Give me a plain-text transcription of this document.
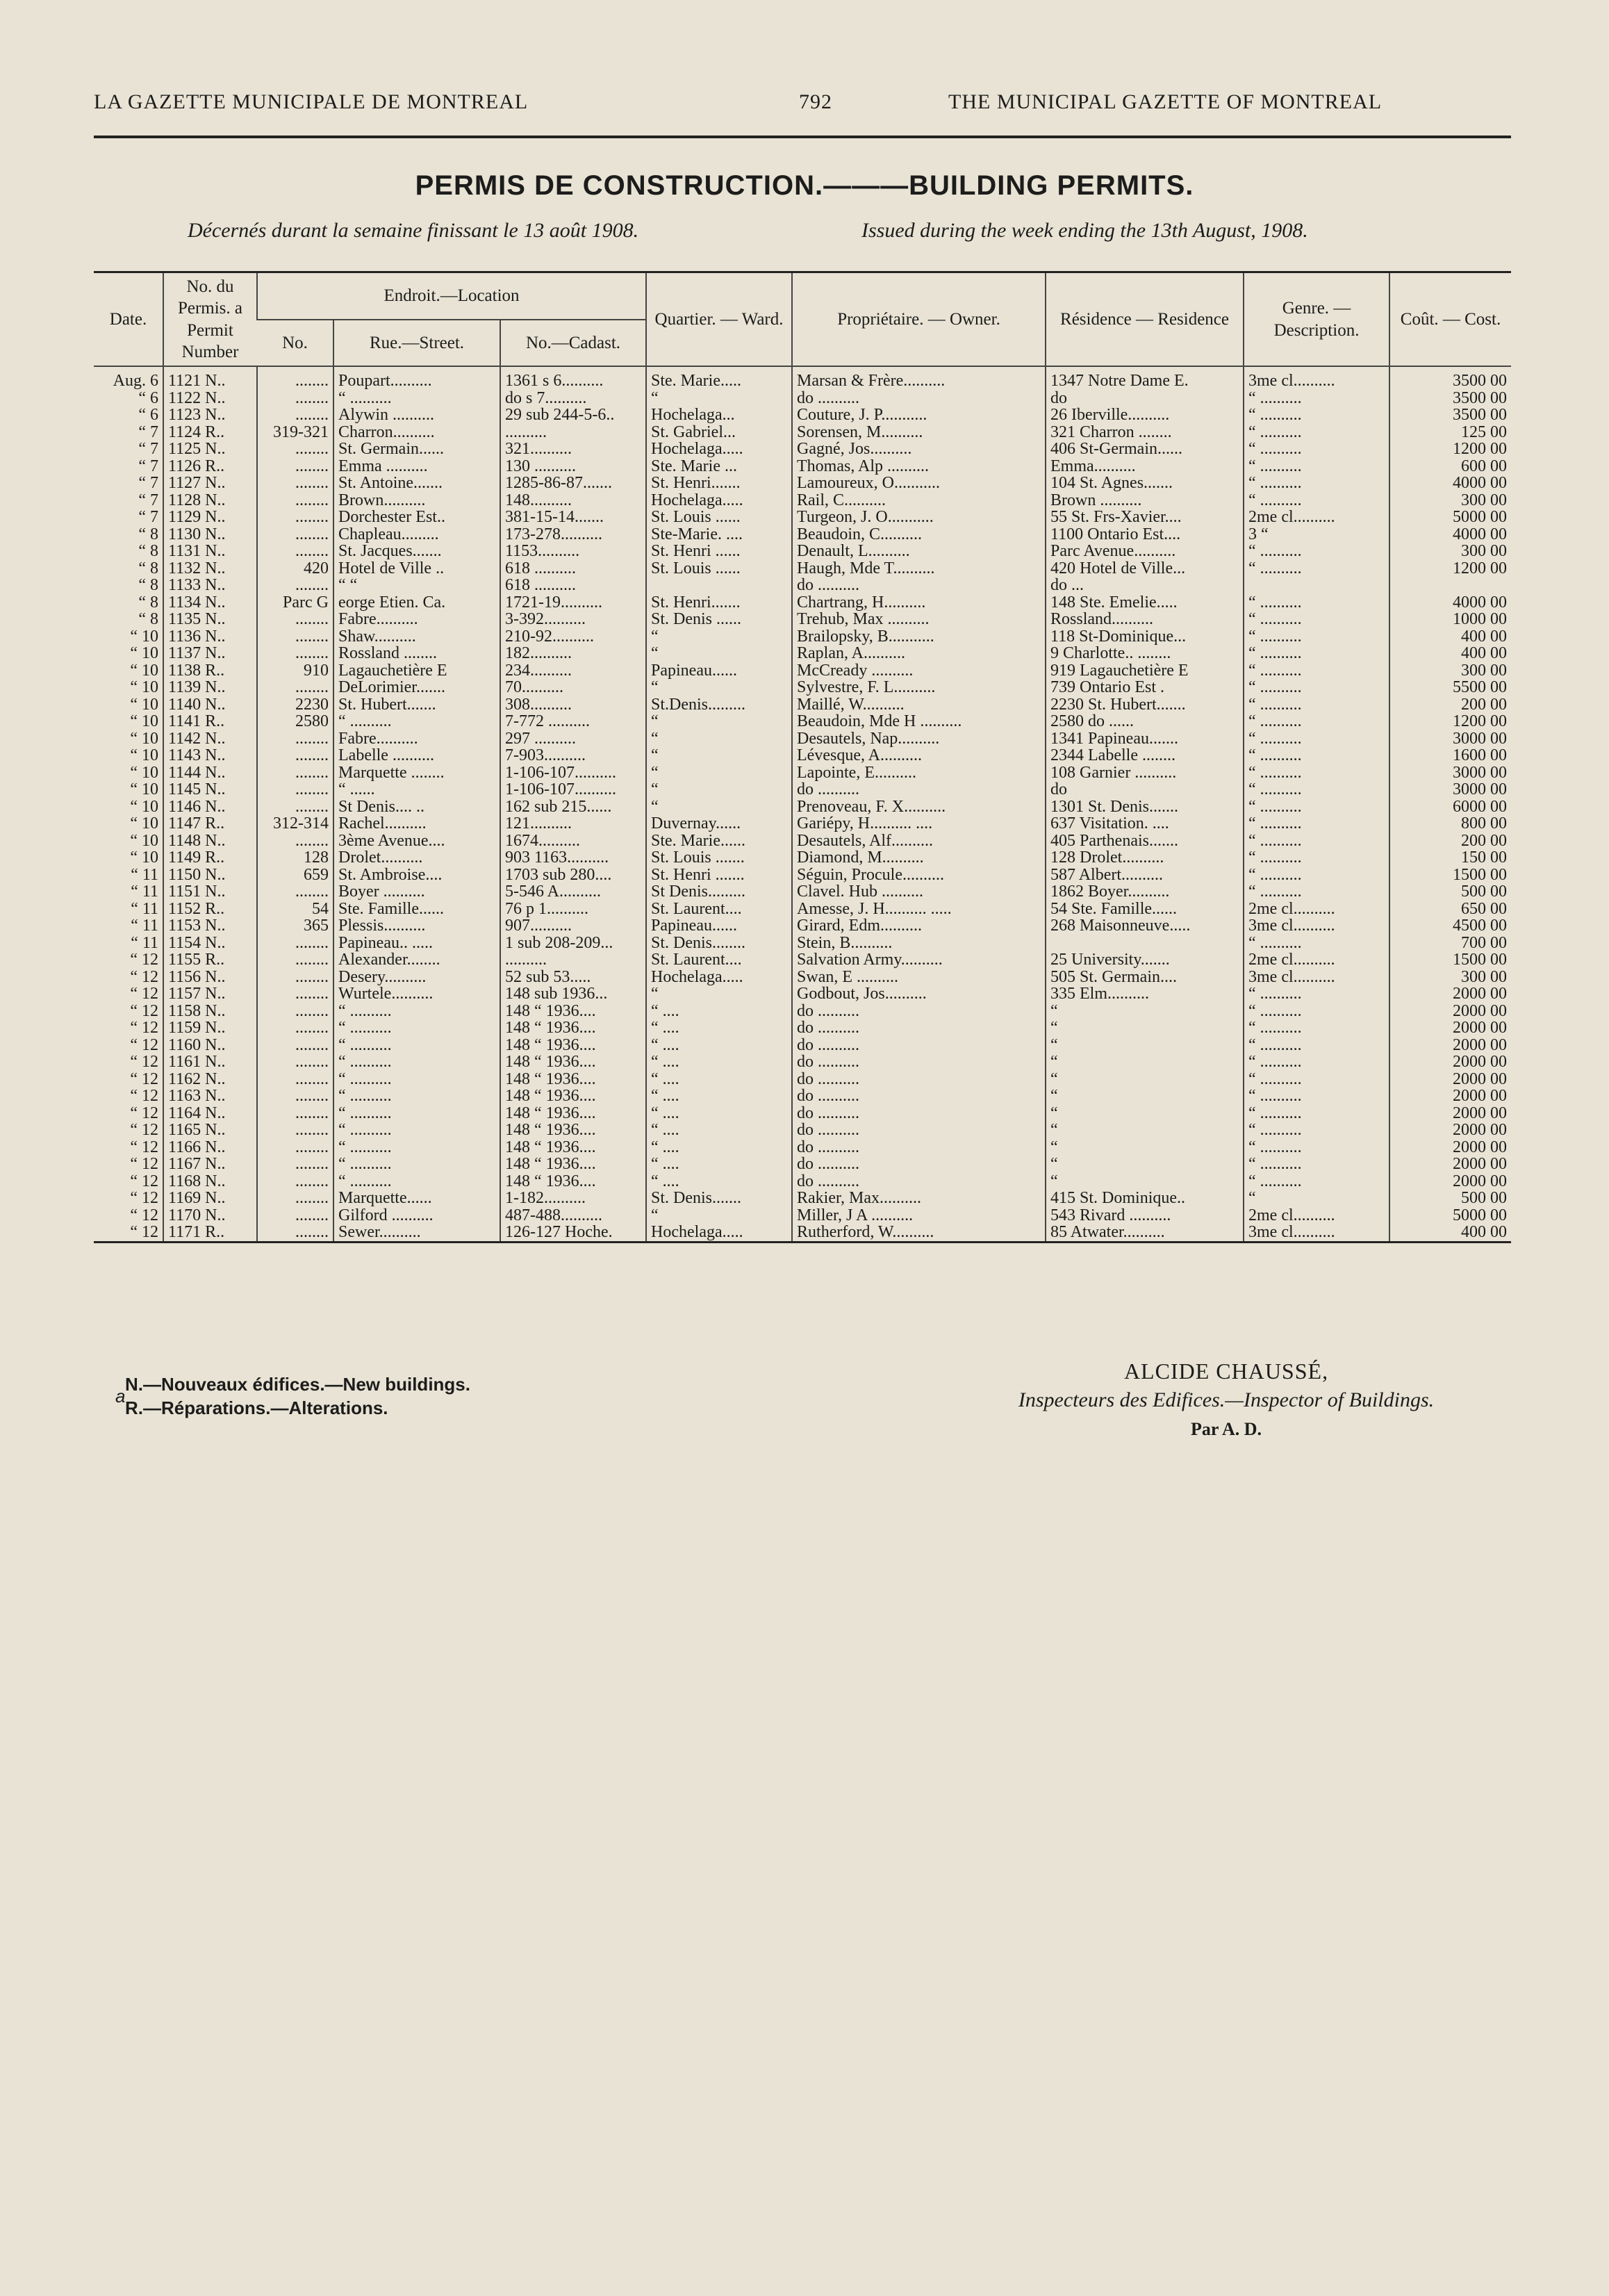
LA GAZETTE MUNICIPALE DE MONTREAL	792	THE MUNICIPAL GAZETTE OF MONTREAL
PERMIS DE CONSTRUCTION.———BUILDING PERMITS.
Décernés durant la semaine finissant le 13 août 1908.	Issued during the week ending the 13th August, 1908.
Date.	No. du Permis. a Permit Number	Endroit.—Location			Quartier. — Ward.	Propriétaire. — Owner.	Résidence — Residence	Genre. — Description.	Coût. — Cost.
		No.	Rue.—Street.	No.—Cadast.					
Aug. 6	1121 N..	........	Poupart..........	1361 s 6..........	Ste. Marie.....	Marsan & Frère..........	1347 Notre Dame E.	3me cl..........	3500 00
“ 6	1122 N..	........	“ ..........	do s 7..........	“	do ..........	do	“ ..........	3500 00
“ 6	1123 N..	........	Alywin ..........	29 sub 244-5-6..	Hochelaga...	Couture, J. P...........	26 Iberville..........	“ ..........	3500 00
“ 7	1124 R..	319-321	Charron..........	..........	St. Gabriel...	Sorensen, M..........	321 Charron ........	“ ..........	125 00
“ 7	1125 N..	........	St. Germain......	321..........	Hochelaga.....	Gagné, Jos..........	406 St-Germain......	“ ..........	1200 00
“ 7	1126 R..	........	Emma ..........	130 ..........	Ste. Marie ...	Thomas, Alp ..........	Emma..........	“ ..........	600 00
“ 7	1127 N..	........	St. Antoine.......	1285-86-87.......	St. Henri.......	Lamoureux, O...........	104 St. Agnes.......	“ ..........	4000 00
“ 7	1128 N..	........	Brown..........	148..........	Hochelaga.....	Rail, C..........	Brown ..........	“ ..........	300 00
“ 7	1129 N..	........	Dorchester Est..	381-15-14.......	St. Louis ......	Turgeon, J. O...........	55 St. Frs-Xavier....	2me cl..........	5000 00
“ 8	1130 N..	........	Chapleau.........	173-278..........	Ste-Marie. ....	Beaudoin, C..........	1100 Ontario Est....	3 “	4000 00
“ 8	1131 N..	........	St. Jacques.......	1153..........	St. Henri ......	Denault, L..........	Parc Avenue..........	“ ..........	300 00
“ 8	1132 N..	420	Hotel de Ville ..	618 ..........	St. Louis ......	Haugh, Mde T..........	420 Hotel de Ville...	“ ..........	1200 00
“ 8	1133 N..	........	“ “	618 ..........		do ..........	do ...		
“ 8	1134 N..	Parc G	eorge Etien. Ca.	1721-19..........	St. Henri.......	Chartrang, H..........	148 Ste. Emelie.....	“ ..........	4000 00
“ 8	1135 N..	........	Fabre..........	3-392..........	St. Denis ......	Trehub, Max ..........	Rossland..........	“ ..........	1000 00
“ 10	1136 N..	........	Shaw..........	210-92..........	“	Brailopsky, B...........	118 St-Dominique...	“ ..........	400 00
“ 10	1137 N..	........	Rossland ........	182..........	“	Raplan, A..........	9 Charlotte.. ........	“ ..........	400 00
“ 10	1138 R..	910	Lagauchetière E	234..........	Papineau......	McCready ..........	919 Lagauchetière E	“ ..........	300 00
“ 10	1139 N..	........	DeLorimier.......	70..........	“	Sylvestre, F. L..........	739 Ontario Est .	“ ..........	5500 00
“ 10	1140 N..	2230	St. Hubert.......	308..........	St.Denis.........	Maillé, W..........	2230 St. Hubert.......	“ ..........	200 00
“ 10	1141 R..	2580	“ ..........	7-772 ..........	“	Beaudoin, Mde H ..........	2580 do ......	“ ..........	1200 00
“ 10	1142 N..	........	Fabre..........	297 ..........	“	Desautels, Nap..........	1341 Papineau.......	“ ..........	3000 00
“ 10	1143 N..	........	Labelle ..........	7-903..........	“	Lévesque, A..........	2344 Labelle ........	“ ..........	1600 00
“ 10	1144 N..	........	Marquette ........	1-106-107..........	“	Lapointe, E..........	108 Garnier ..........	“ ..........	3000 00
“ 10	1145 N..	........	“ ......	1-106-107..........	“	do ..........	do	“ ..........	3000 00
“ 10	1146 N..	........	St Denis.... ..	162 sub 215......	“	Prenoveau, F. X..........	1301 St. Denis.......	“ ..........	6000 00
“ 10	1147 R..	312-314	Rachel..........	121..........	Duvernay......	Gariépy, H.......... ....	637 Visitation. ....	“ ..........	800 00
“ 10	1148 N..	........	3ème Avenue....	1674..........	Ste. Marie......	Desautels, Alf..........	405 Parthenais.......	“ ..........	200 00
“ 10	1149 R..	128	Drolet..........	903 1163..........	St. Louis .......	Diamond, M..........	128 Drolet..........	“ ..........	150 00
“ 11	1150 N..	659	St. Ambroise....	1703 sub 280....	St. Henri .......	Séguin, Procule..........	587 Albert..........	“ ..........	1500 00
“ 11	1151 N..	........	Boyer ..........	5-546 A..........	St Denis.........	Clavel. Hub ..........	1862 Boyer..........	“ ..........	500 00
“ 11	1152 R..	54	Ste. Famille......	76 p 1..........	St. Laurent....	Amesse, J. H.......... .....	54 Ste. Famille......	2me cl..........	650 00
“ 11	1153 N..	365	Plessis..........	907..........	Papineau......	Girard, Edm..........	268 Maisonneuve.....	3me cl..........	4500 00
“ 11	1154 N..	........	Papineau.. .....	1 sub 208-209...	St. Denis........	Stein, B..........		“ ..........	700 00
“ 12	1155 R..	........	Alexander........	..........	St. Laurent....	Salvation Army..........	25 University.......	2me cl..........	1500 00
“ 12	1156 N..	........	Desery..........	52 sub 53.....	Hochelaga.....	Swan, E ..........	505 St. Germain....	3me cl..........	300 00
“ 12	1157 N..	........	Wurtele..........	148 sub 1936...	“	Godbout, Jos..........	335 Elm..........	“ ..........	2000 00
“ 12	1158 N..	........	“ ..........	148 “ 1936....	“ ....	do ..........	“	“ ..........	2000 00
“ 12	1159 N..	........	“ ..........	148 “ 1936....	“ ....	do ..........	“	“ ..........	2000 00
“ 12	1160 N..	........	“ ..........	148 “ 1936....	“ ....	do ..........	“	“ ..........	2000 00
“ 12	1161 N..	........	“ ..........	148 “ 1936....	“ ....	do ..........	“	“ ..........	2000 00
“ 12	1162 N..	........	“ ..........	148 “ 1936....	“ ....	do ..........	“	“ ..........	2000 00
“ 12	1163 N..	........	“ ..........	148 “ 1936....	“ ....	do ..........	“	“ ..........	2000 00
“ 12	1164 N..	........	“ ..........	148 “ 1936....	“ ....	do ..........	“	“ ..........	2000 00
“ 12	1165 N..	........	“ ..........	148 “ 1936....	“ ....	do ..........	“	“ ..........	2000 00
“ 12	1166 N..	........	“ ..........	148 “ 1936....	“ ....	do ..........	“	“ ..........	2000 00
“ 12	1167 N..	........	“ ..........	148 “ 1936....	“ ....	do ..........	“	“ ..........	2000 00
“ 12	1168 N..	........	“ ..........	148 “ 1936....	“ ....	do ..........	“	“ ..........	2000 00
“ 12	1169 N..	........	Marquette......	1-182..........	St. Denis.......	Rakier, Max..........	415 St. Dominique..	“	500 00
“ 12	1170 N..	........	Gilford ..........	487-488..........	“	Miller, J A ..........	543 Rivard ..........	2me cl..........	5000 00
“ 12	1171 R..	........	Sewer..........	126-127 Hoche.	Hochelaga.....	Rutherford, W..........	85 Atwater..........	3me cl..........	400 00
a
N.—Nouveaux édifices.—New buildings.
R.—Réparations.—Alterations.
ALCIDE CHAUSSÉ,
Inspecteurs des Edifices.—Inspector of Buildings.
Par A. D.
